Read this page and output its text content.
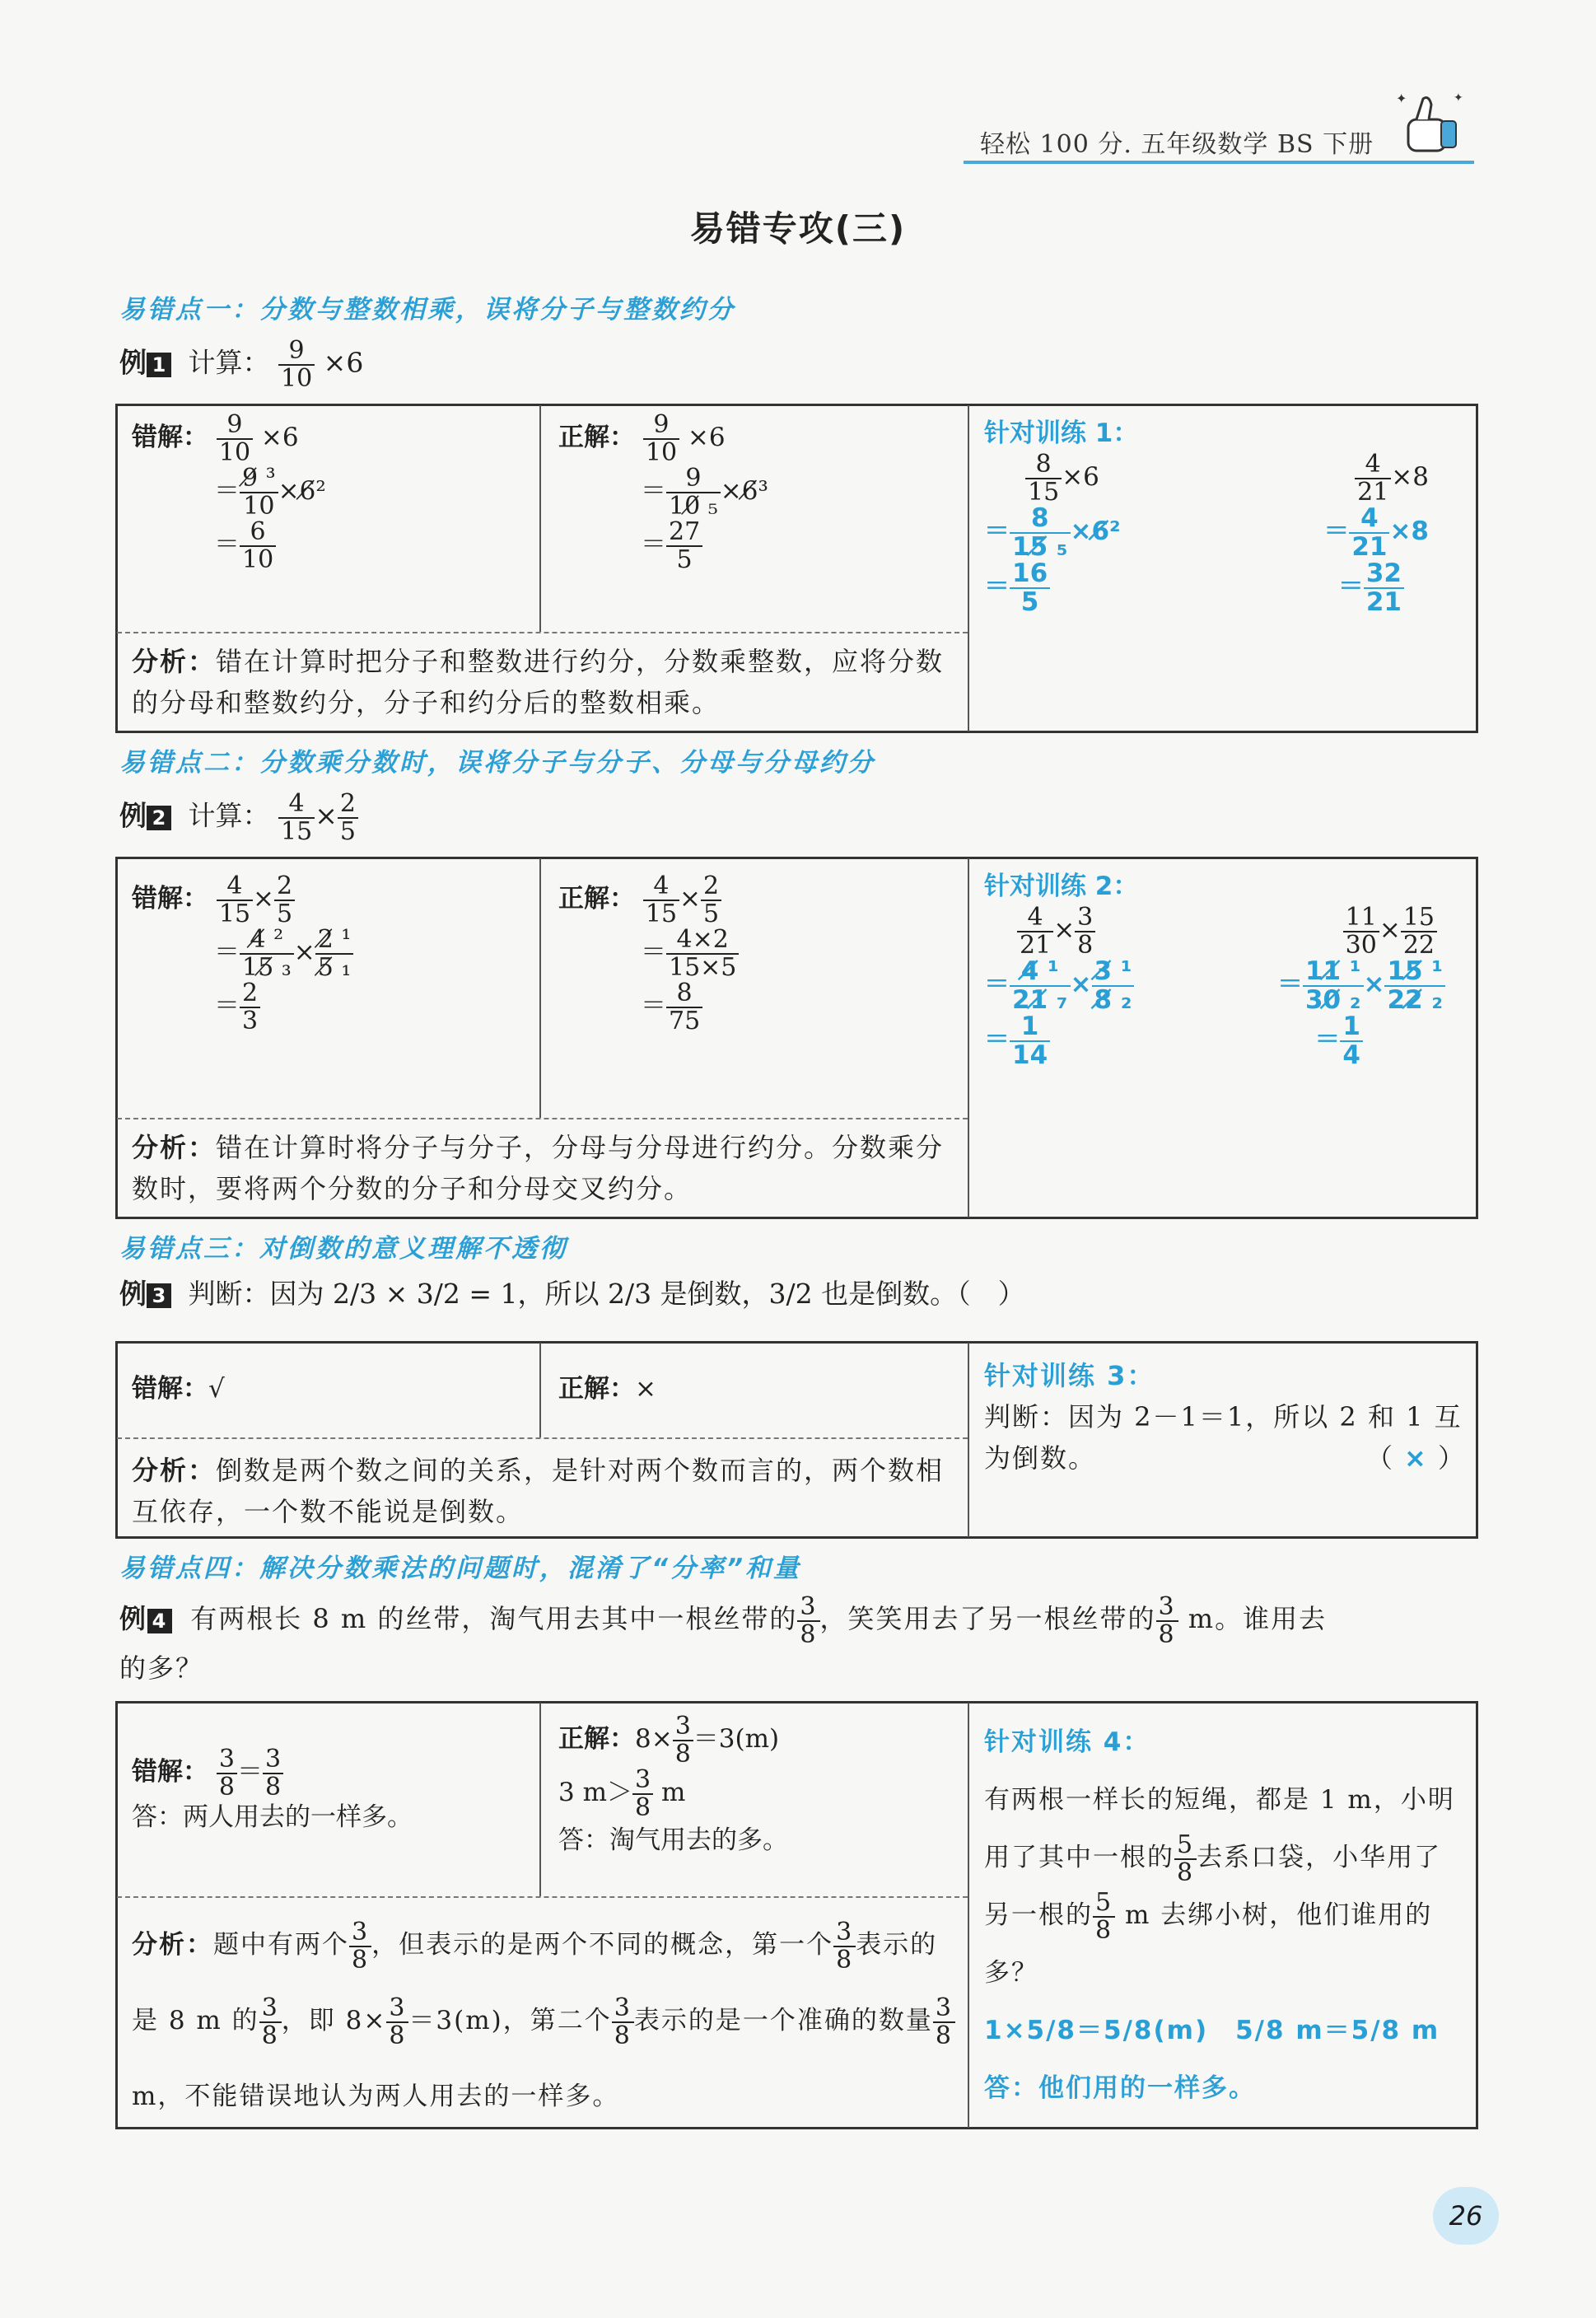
轻松 100 分. 五年级数学 BS 下册
✦	✦
易错专攻(三)
易错点一：分数与整数相乘，误将分子与整数约分
例 1 计算： $\frac{9}{10} \times 6$
错解： $\frac{9}{10} \times 6$

＝ $\frac{\text{9̸ ³}}{10}$ ×6̸²
＝ $\frac{6}{10}$
正解： $\frac{9}{10} \times 6$

＝ $\frac{9}{\text{10̸ ₅}}$ ×6̸³
＝ $\frac{27}{5}$
分析：错在计算时把分子和整数进行约分，分数乘整数，应将分数的分母和整数约分，分子和约分后的整数相乘。
针对训练 1：
$\frac{8}{15} \times 6$	$\frac{4}{21} \times 8$
＝ $\frac{8}{\text{15̸ ₅}}$ ×6̸²	＝ $\frac{4}{21} \times 8$
＝ $\frac{16}{5}$	＝ $\frac{32}{21}$
易错点二：分数乘分数时，误将分子与分子、分母与分母约分
例 2 计算： $\frac{4}{15} \times \frac{2}{5}$
错解： $\frac{4}{15} \times \frac{2}{5}$

＝ $\frac{\text{4̸ ²}}{\text{15̸ ₃}} \times \frac{\text{2̸ ¹}}{\text{5̸ ₁}}$
＝ $\frac{2}{3}$
正解： $\frac{4}{15} \times \frac{2}{5}$

＝ $\frac{4\times 2}{15\times 5}$
＝ $\frac{8}{75}$
分析：错在计算时将分子与分子，分母与分母进行约分。分数乘分数时，要将两个分数的分子和分母交叉约分。
针对训练 2：
$\frac{4}{21} \times \frac{3}{8}$	$\frac{11}{30} \times \frac{15}{22}$
＝ $\frac{\text{4̸ ¹}}{\text{21̸ ₇}} \times \frac{\text{3̸ ¹}}{\text{8̸ ₂}}$	＝ $\frac{\text{11̸ ¹}}{\text{30̸ ₂}} \times \frac{\text{15̸ ¹}}{\text{22̸ ₂}}$
＝ $\frac{1}{14}$	＝ $\frac{1}{4}$
易错点三：对倒数的意义理解不透彻
例 3 判断：因为 2/3 × 3/2 = 1，所以 2/3 是倒数，3/2 也是倒数。（　）
错解：√	正解：×
分析：倒数是两个数之间的关系，是针对两个数而言的，两个数相互依存，一个数不能说是倒数。
针对训练 3：
判断：因为 2－1＝1，所以 2 和 1 互为倒数。	（ × ）
易错点四：解决分数乘法的问题时，混淆了“分率”和量
例 4 有两根长 8 m 的丝带，淘气用去其中一根丝带的 $\frac{3}{8}$ ，笑笑用去了另一根丝带的 $\frac{3}{8}$ m。谁用去
的多？
错解： $\frac{3}{8} = \frac{3}{8}$

答：两人用去的一样多。
正解：$8\times \frac{3}{8} =3(m)$
3 $m> \frac{3}{8}$ m
答：淘气用去的多。
分析：题中有两个 $\frac{3}{8}$ ，但表示的是两个不同的概念，第一个 $\frac{3}{8}$ 表示的是 8 m 的 $\frac{3}{8}$ ，即 $8\times \frac{3}{8} =3(m)$，第二个 $\frac{3}{8}$ 表示的是一个准确的数量 $\frac{3}{8}$
m，不能错误地认为两人用去的一样多。
针对训练 4：
有两根一样长的短绳，都是 1 m，小明用了其中一根的 $\frac{5}{8}$ 去系口袋，小华用了另一根的 $\frac{5}{8}$ m 去绑小树，他们谁用的多？
1×5/8＝5/8(m)　5/8 m＝5/8 m
答：他们用的一样多。
26
